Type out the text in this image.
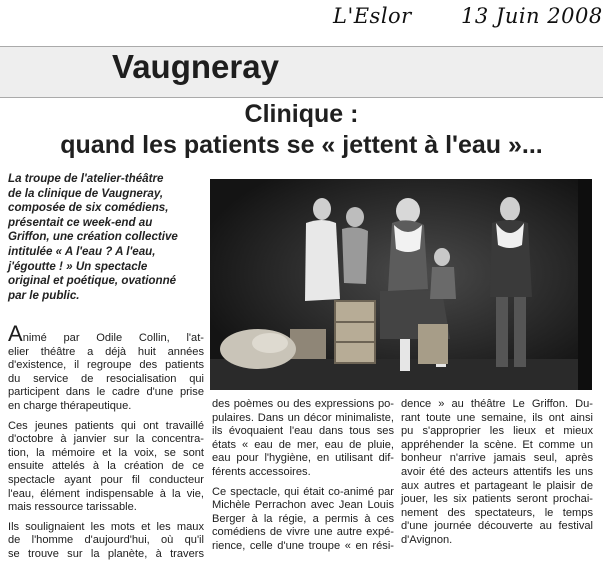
L'Eslor 13 Juin 2008
Vaugneray
Clinique :
quand les patients se « jettent à l'eau »...
La troupe de l'atelier-théâtre
de la clinique de Vaugneray,
composée de six comédiens,
présentait ce week-end au
Griffon, une création collective
intitulée « A l'eau ? A l'eau,
j'égoutte ! » Un spectacle
original et poétique, ovationné
par le public.
Animé par Odile Collin, l'at-
elier théâtre a déjà huit années
d'existence, il regroupe des patients
du service de resocialisation qui
participent dans le cadre d'une prise
en charge thérapeutique.
Ces jeunes patients qui ont travaillé
d'octobre à janvier sur la concentra-
tion, la mémoire et la voix, se sont
ensuite attelés à la création de ce
spectacle ayant pour fil conducteur
l'eau, élément indispensable à la vie,
mais ressource tarissable.
Ils soulignaient les mots et les maux
de l'homme d'aujourd'hui, où qu'il
se trouve sur la planète, à travers
des poèmes ou des expressions po-
pulaires. Dans un décor minimaliste,
ils évoquaient l'eau dans tous ses
états « eau de mer, eau de pluie,
eau pour l'hygiène, en utilisant dif-
férents accessoires.
Ce spectacle, qui était co-animé par
Michèle Perrachon avec Jean Louis
Berger à la régie, a permis à ces
comédiens de vivre une autre expé-
rience, celle d'une troupe « en rési-
dence » au théâtre Le Griffon. Du-
rant toute une semaine, ils ont ainsi
pu s'approprier les lieux et mieux
appréhender la scène. Et comme un
bonheur n'arrive jamais seul, après
avoir été des acteurs attentifs les uns
aux autres et partageant le plaisir de
jouer, les six patients seront prochai-
nement des spectateurs, le temps
d'une journée découverte au festival
d'Avignon.
